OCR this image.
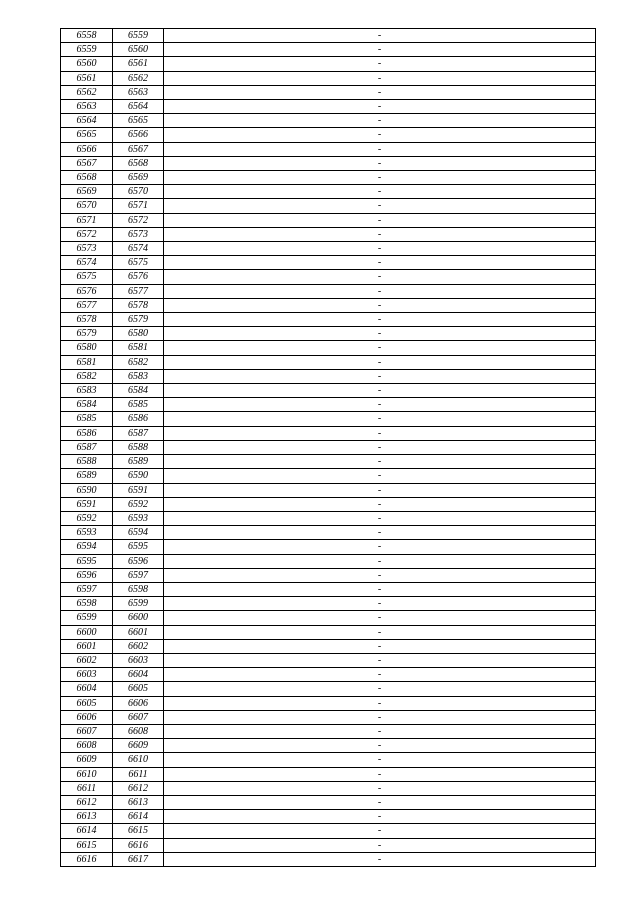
6558	6559	-
6559	6560	-
6560	6561	-
6561	6562	-
6562	6563	-
6563	6564	-
6564	6565	-
6565	6566	-
6566	6567	-
6567	6568	-
6568	6569	-
6569	6570	-
6570	6571	-
6571	6572	-
6572	6573	-
6573	6574	-
6574	6575	-
6575	6576	-
6576	6577	-
6577	6578	-
6578	6579	-
6579	6580	-
6580	6581	-
6581	6582	-
6582	6583	-
6583	6584	-
6584	6585	-
6585	6586	-
6586	6587	-
6587	6588	-
6588	6589	-
6589	6590	-
6590	6591	-
6591	6592	-
6592	6593	-
6593	6594	-
6594	6595	-
6595	6596	-
6596	6597	-
6597	6598	-
6598	6599	-
6599	6600	-
6600	6601	-
6601	6602	-
6602	6603	-
6603	6604	-
6604	6605	-
6605	6606	-
6606	6607	-
6607	6608	-
6608	6609	-
6609	6610	-
6610	6611	-
6611	6612	-
6612	6613	-
6613	6614	-
6614	6615	-
6615	6616	-
6616	6617	-
